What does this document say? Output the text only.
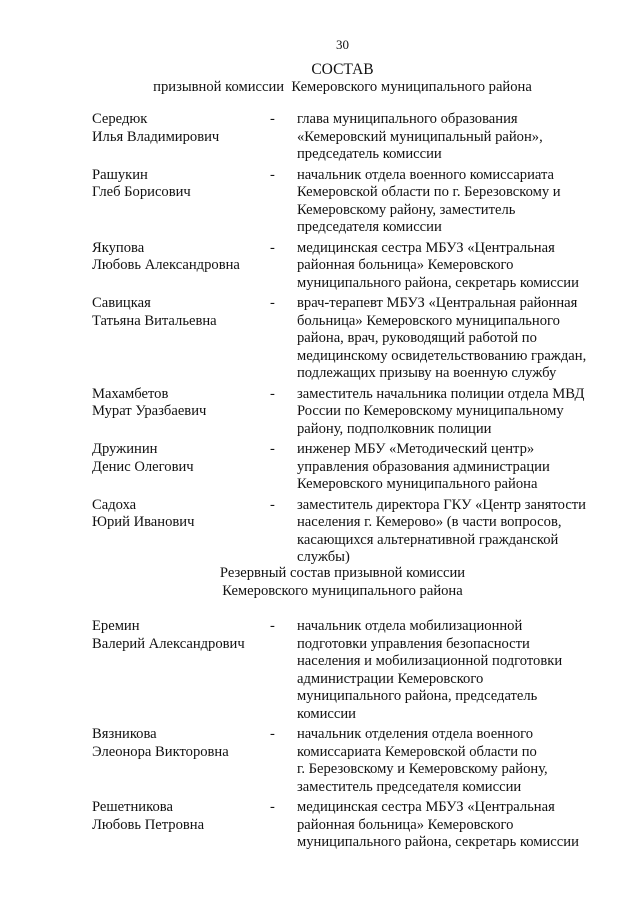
30
СОСТАВ
призывной комиссии  Кемеровского муниципального района
Середюк
Илья Владимирович
-	глава муниципального образования
«Кемеровский муниципальный район»,
председатель комиссии
Рашукин
Глеб Борисович
-	начальник отдела военного комиссариата
Кемеровской области по г. Березовскому и
Кемеровскому району, заместитель
председателя комиссии
Якупова
Любовь Александровна
-	медицинская сестра МБУЗ «Центральная
районная больница» Кемеровского
муниципального района, секретарь комиссии
Савицкая
Татьяна Витальевна
-	врач-терапевт МБУЗ «Центральная районная
больница» Кемеровского муниципального
района, врач, руководящий работой по
медицинскому освидетельствованию граждан,
подлежащих призыву на военную службу
Махамбетов
Мурат Уразбаевич
-	заместитель начальника полиции отдела МВД
России по Кемеровскому муниципальному
району, подполковник полиции
Дружинин
Денис Олегович
-	инженер МБУ «Методический центр»
управления образования администрации
Кемеровского муниципального района
Садоха
Юрий Иванович
-	заместитель директора ГКУ «Центр занятости
населения г. Кемерово» (в части вопросов,
касающихся альтернативной гражданской
службы)
Резервный состав призывной комиссии
Кемеровского муниципального района
Еремин
Валерий Александрович
-	начальник отдела мобилизационной
подготовки управления безопасности
населения и мобилизационной подготовки
администрации Кемеровского
муниципального района, председатель
комиссии
Вязникова
Элеонора Викторовна
-	начальник отделения отдела военного
комиссариата Кемеровской области по
г. Березовскому и Кемеровскому району,
заместитель председателя комиссии
Решетникова
Любовь Петровна
-	медицинская сестра МБУЗ «Центральная
районная больница» Кемеровского
муниципального района, секретарь комиссии
